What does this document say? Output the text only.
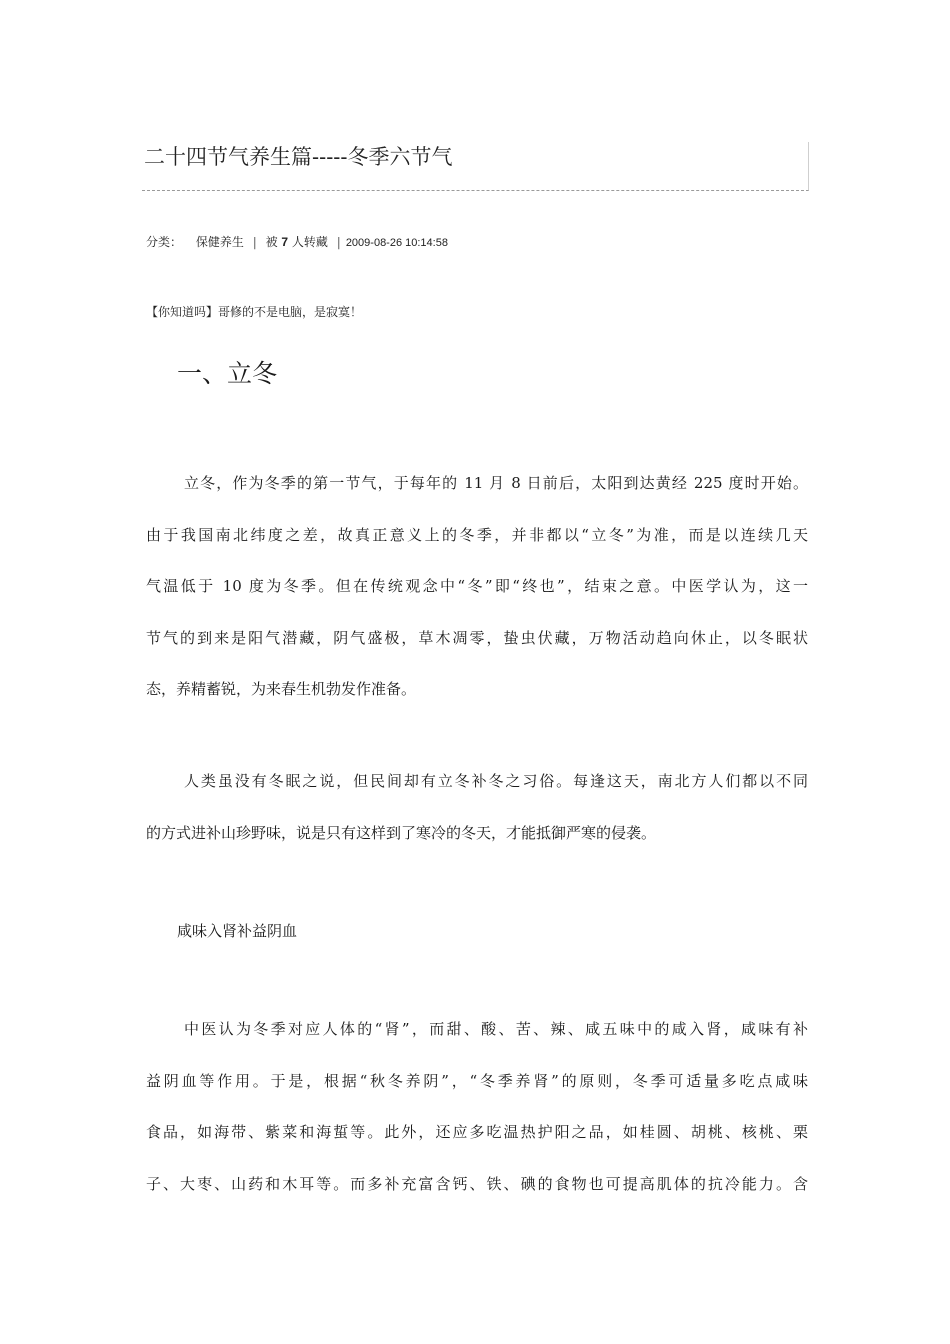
二十四节气养生篇-----冬季六节气
分类： 保健养生 | 被 7 人转藏 | 2009-08-26 10:14:58
【你知道吗】哥修的不是电脑，是寂寞！
一、立冬
立冬，作为冬季的第一节气，于每年的 11 月 8 日前后，太阳到达黄经 225 度时开始。
由于我国南北纬度之差，故真正意义上的冬季，并非都以“立冬”为准，而是以连续几天
气温低于 10 度为冬季。但在传统观念中“冬”即“终也”，结束之意。中医学认为，这一
节气的到来是阳气潜藏，阴气盛极，草木凋零，蛰虫伏藏，万物活动趋向休止，以冬眠状
态，养精蓄锐，为来春生机勃发作准备。
人类虽没有冬眠之说，但民间却有立冬补冬之习俗。每逢这天，南北方人们都以不同
的方式进补山珍野味，说是只有这样到了寒冷的冬天，才能抵御严寒的侵袭。
咸味入肾补益阴血
中医认为冬季对应人体的“肾”，而甜、酸、苦、辣、咸五味中的咸入肾，咸味有补
益阴血等作用。于是，根据“秋冬养阴”，“冬季养肾”的原则，冬季可适量多吃点咸味
食品，如海带、紫菜和海蜇等。此外，还应多吃温热护阳之品，如桂圆、胡桃、核桃、栗
子、大枣、山药和木耳等。而多补充富含钙、铁、碘的食物也可提高肌体的抗冷能力。含
